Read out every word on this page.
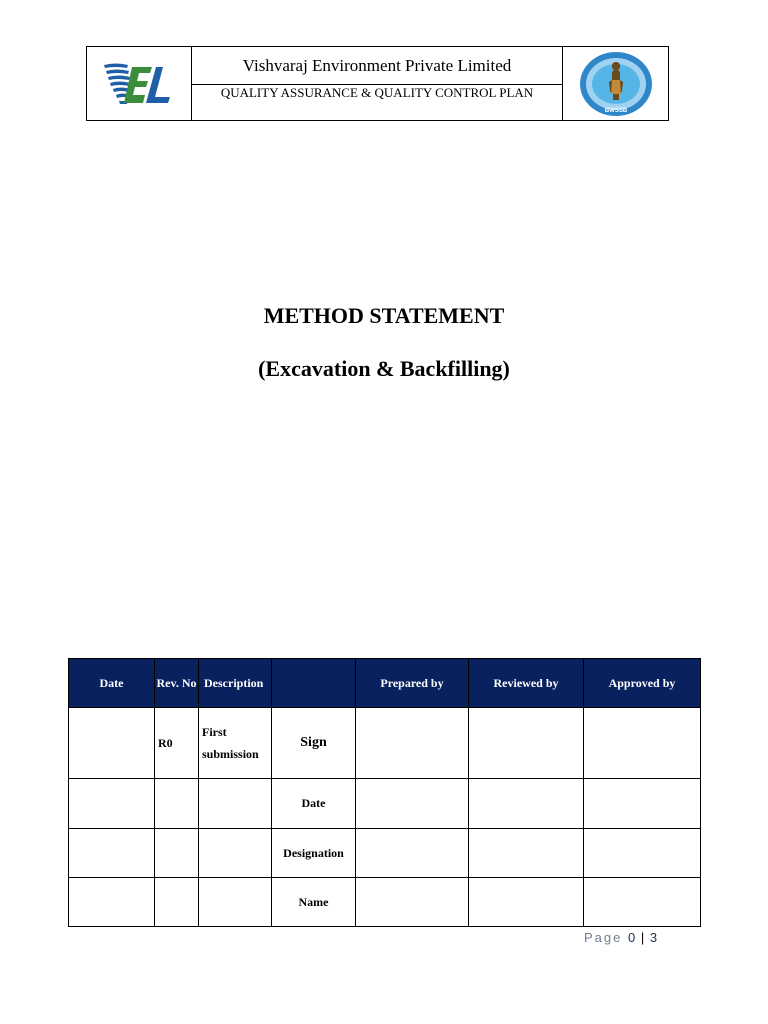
Vishvaraj Environment Private Limited
QUALITY ASSURANCE & QUALITY CONTROL PLAN
BWSSB
METHOD STATEMENT
(Excavation & Backfilling)
Date	Rev. No	Description		Prepared by	Reviewed by	Approved by
	R0	First submission	Sign			
			Date			
			Designation			
			Name			
Page 0 | 3
